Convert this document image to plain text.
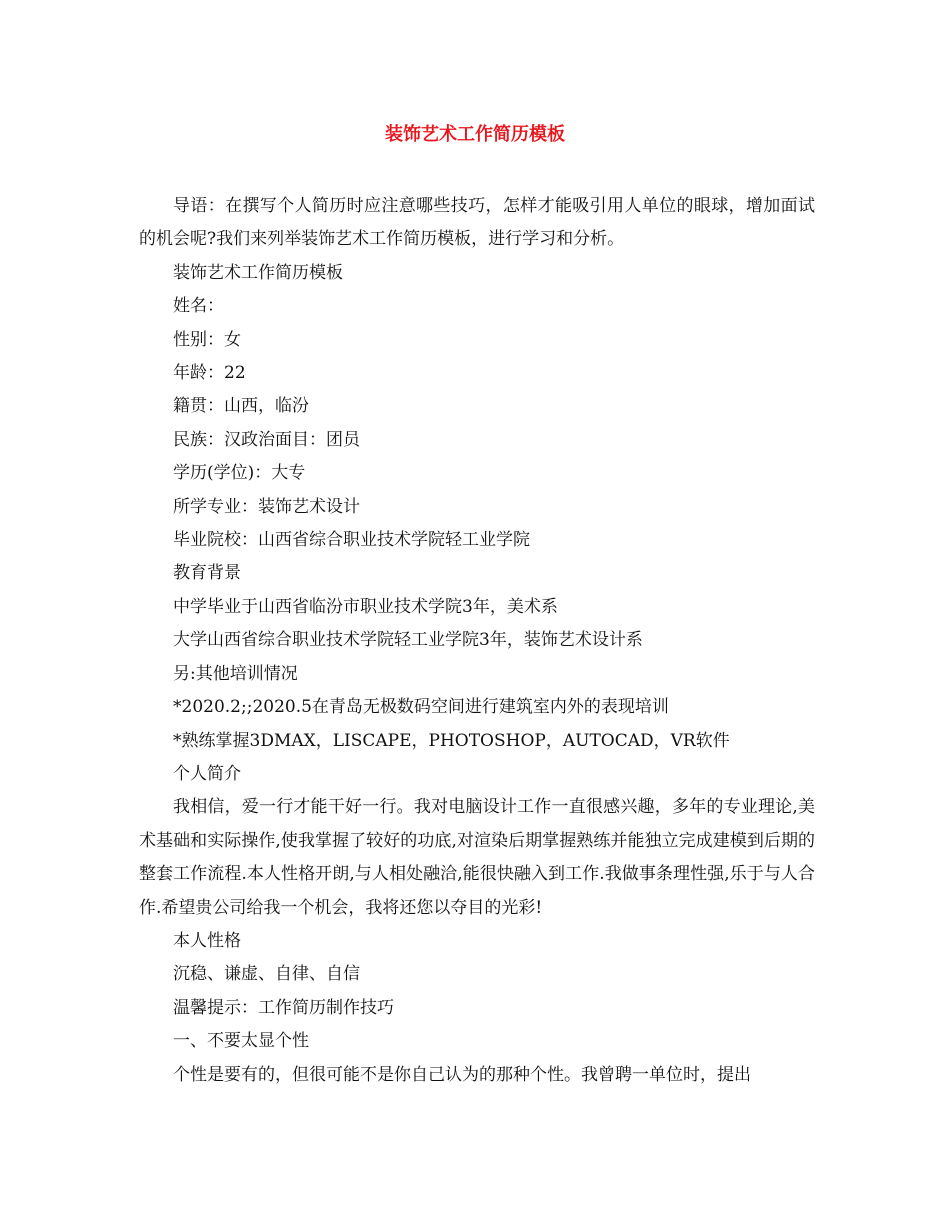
装饰艺术工作简历模板

导语：在撰写个人简历时应注意哪些技巧，怎样才能吸引用人单位的眼球，增加面试的机会呢?我们来列举装饰艺术工作简历模板，进行学习和分析。

装饰艺术工作简历模板

姓名：

性别：女

年龄：22

籍贯：山西，临汾

民族：汉政治面目：团员

学历(学位)：大专

所学专业：装饰艺术设计

毕业院校：山西省综合职业技术学院轻工业学院

教育背景

中学毕业于山西省临汾市职业技术学院3年，美术系

大学山西省综合职业技术学院轻工业学院3年，装饰艺术设计系

另:其他培训情况

*2020.2;;2020.5在青岛无极数码空间进行建筑室内外的表现培训

*熟练掌握3DMAX，LISCAPE，PHOTOSHOP，AUTOCAD，VR软件

个人简介

我相信，爱一行才能干好一行。我对电脑设计工作一直很感兴趣，多年的专业理论,美术基础和实际操作,使我掌握了较好的功底,对渲染后期掌握熟练并能独立完成建模到后期的整套工作流程.本人性格开朗,与人相处融洽,能很快融入到工作.我做事条理性强,乐于与人合作.希望贵公司给我一个机会，我将还您以夺目的光彩!

本人性格

沉稳、谦虚、自律、自信

温馨提示：工作简历制作技巧

一、不要太显个性

个性是要有的，但很可能不是你自己认为的那种个性。我曾聘一单位时，提出
